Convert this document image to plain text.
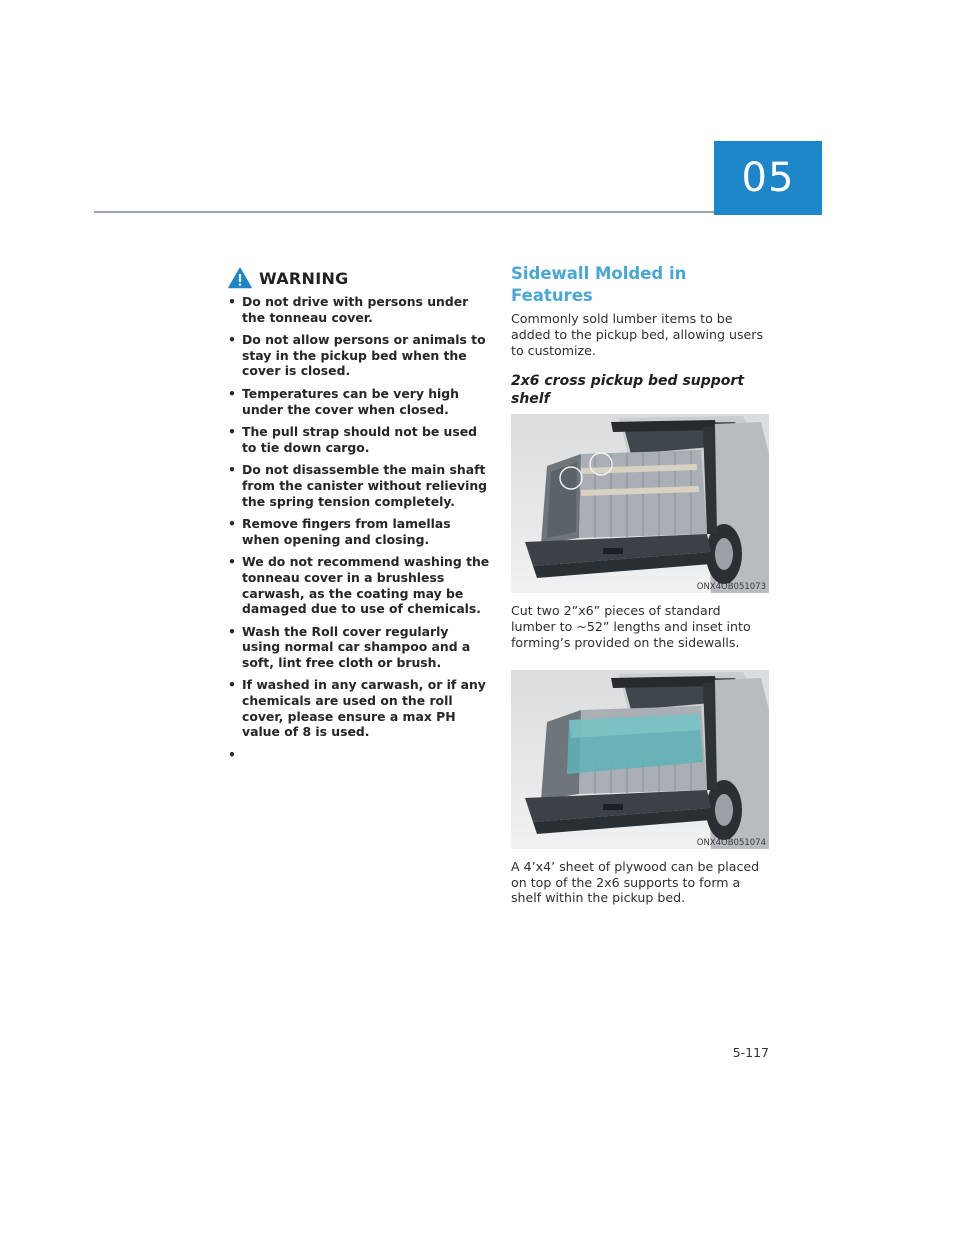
05
WARNING
• Do not drive with persons under the tonneau cover.
• Do not allow persons or animals to stay in the pickup bed when the cover is closed.
• Temperatures can be very high under the cover when closed.
• The pull strap should not be used to tie down cargo.
• Do not disassemble the main shaft from the canister without relieving the spring tension completely.
• Remove fingers from lamellas when opening and closing.
• We do not recommend washing the tonneau cover in a brushless carwash, as the coating may be damaged due to use of chemicals.
• Wash the Roll cover regularly using normal car shampoo and a soft, lint free cloth or brush.
• If washed in any carwash, or if any chemicals are used on the roll cover, please ensure a max PH value of 8 is used.
•
Sidewall Molded in Features

Commonly sold lumber items to be added to the pickup bed, allowing users to customize.

2x6 cross pickup bed support shelf
ONX4OB051073

Cut two 2”x6” pieces of standard lumber to ~52” lengths and inset into forming’s provided on the sidewalls.

ONX4OB051074

A 4’x4’ sheet of plywood can be placed on top of the 2x6 supports to form a shelf within the pickup bed.

5-117
